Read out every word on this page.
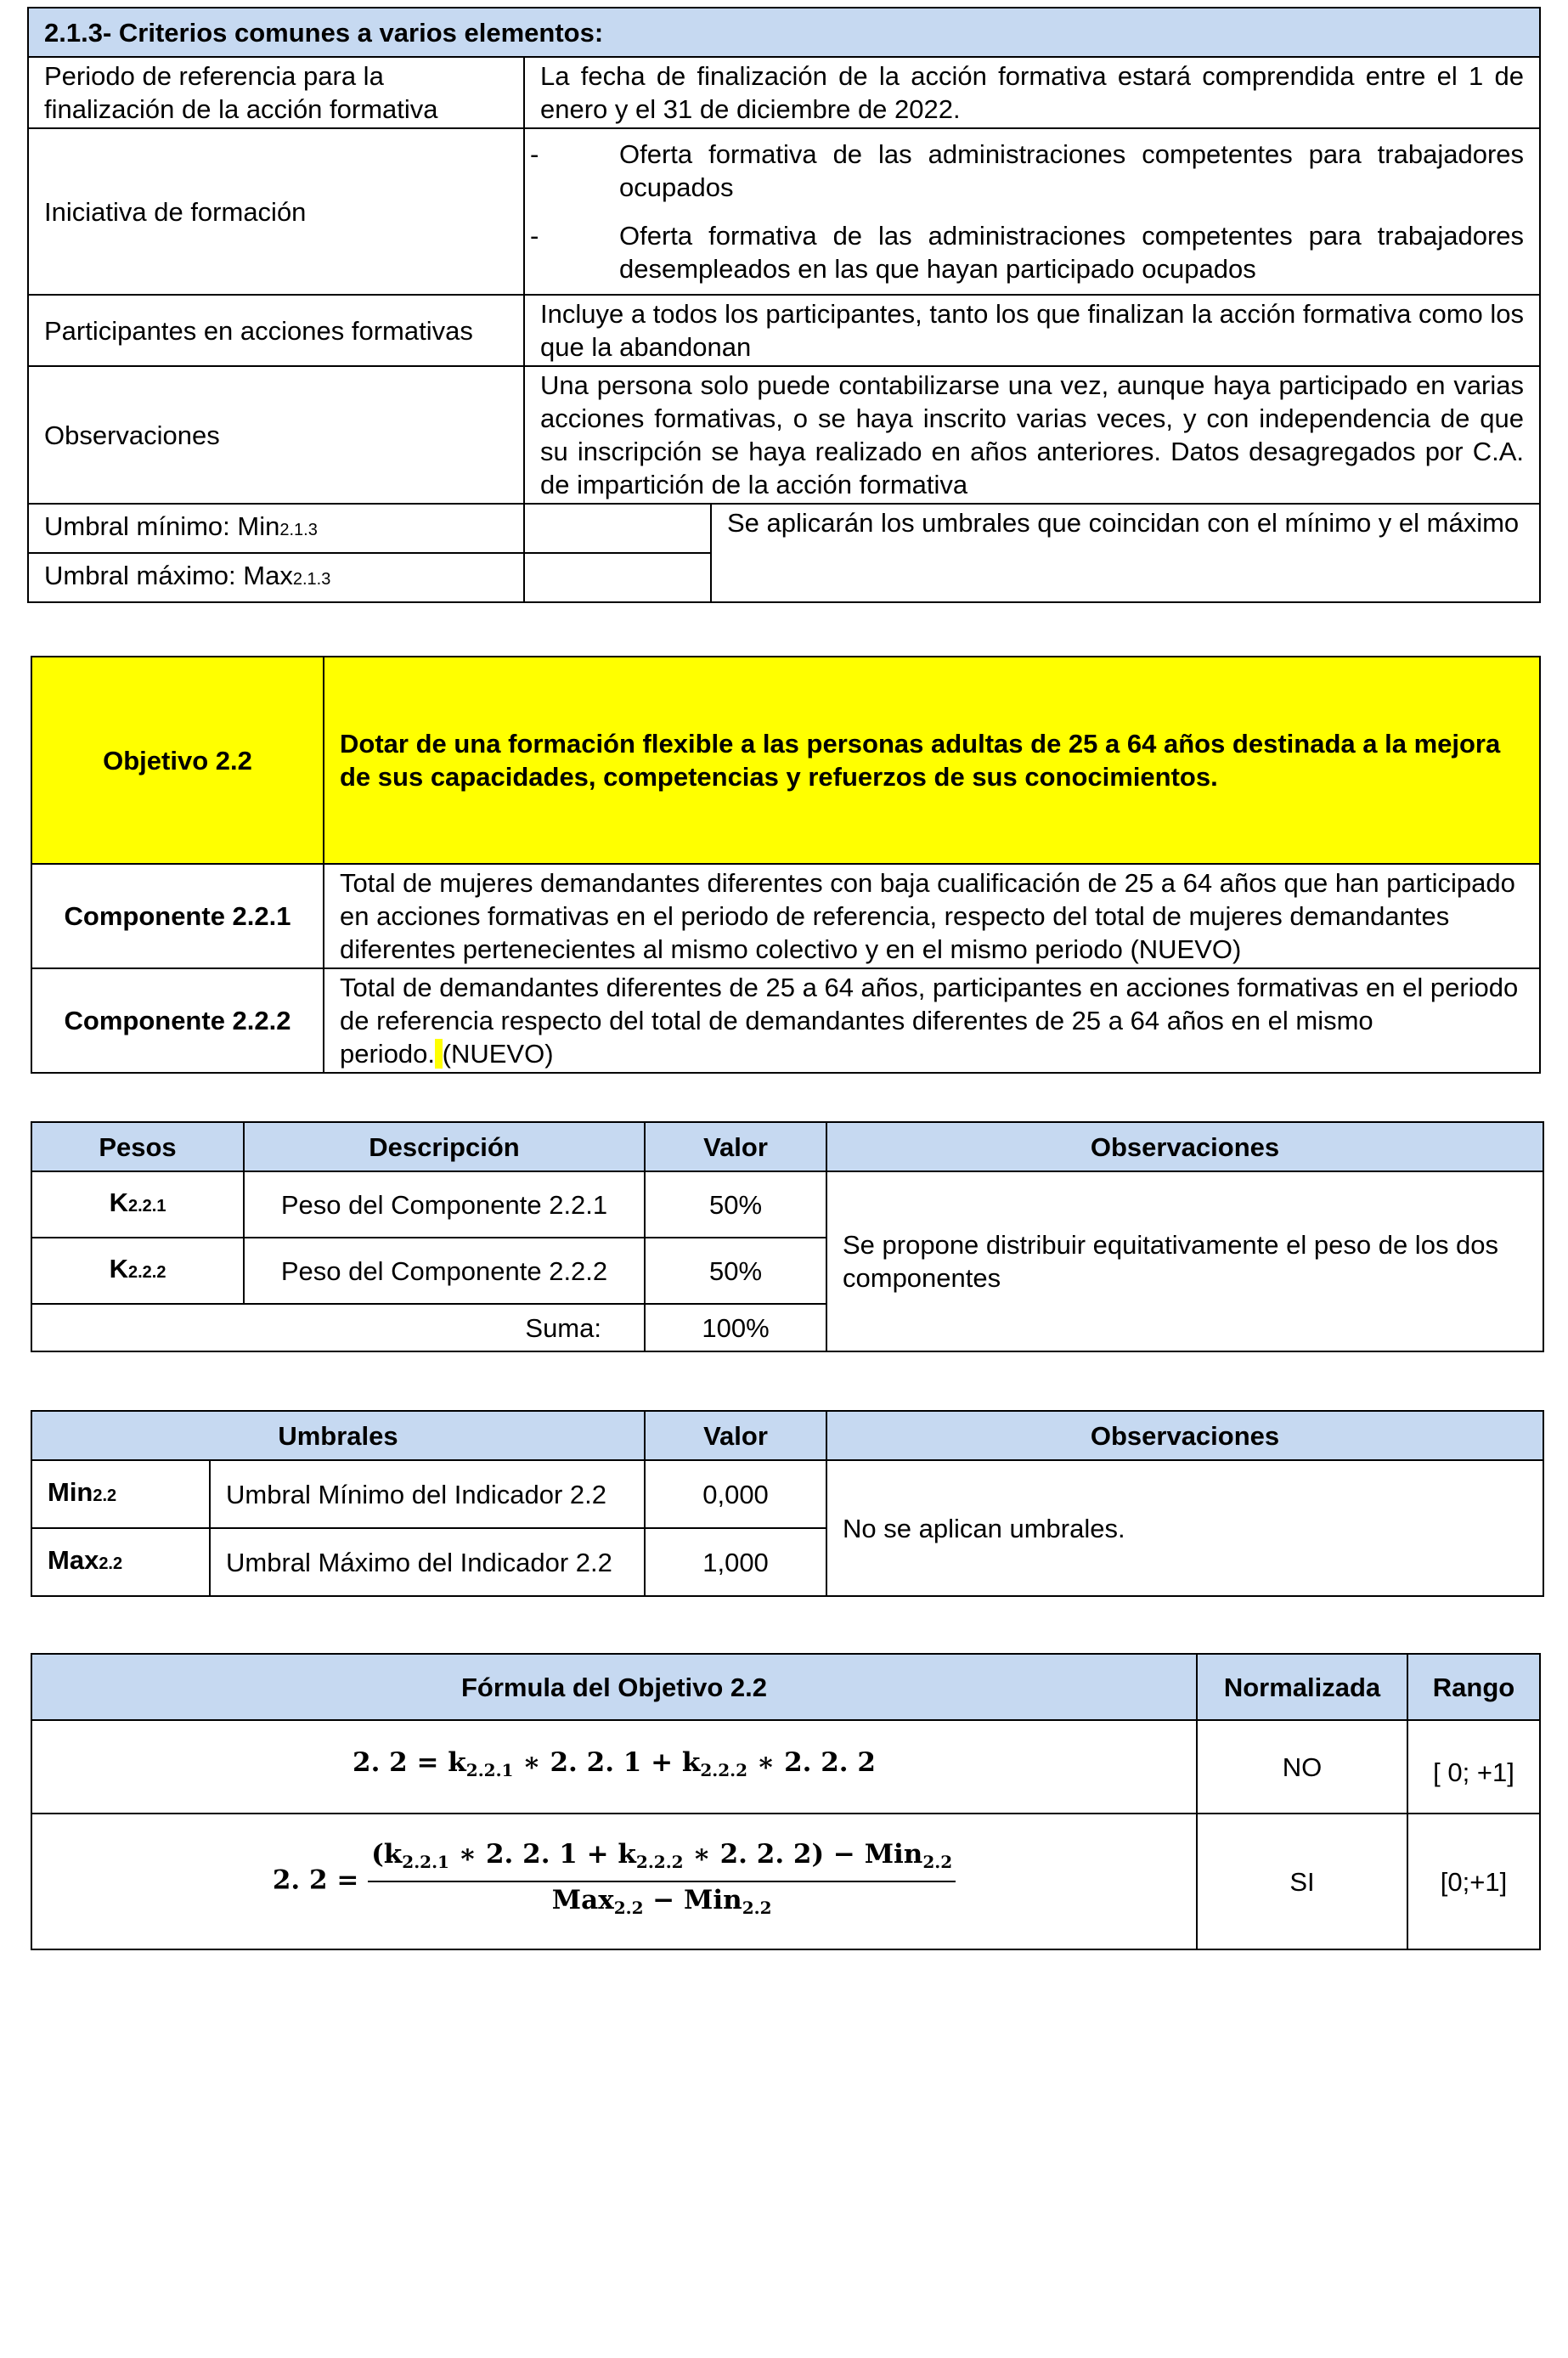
2.1.3- Criterios comunes a varios elementos:		
Periodo de referencia para la finalización de la acción formativa	La fecha de finalización de la acción formativa estará comprendida entre el 1 de enero y el 31 de diciembre de 2022.	
Iniciativa de formación	- Oferta formativa de las administraciones competentes para trabajadores ocupados
- Oferta formativa de las administraciones competentes para trabajadores desempleados en las que hayan participado ocupados	

Participantes en acciones formativas	Incluye a todos los participantes, tanto los que finalizan la acción formativa como los que la abandonan	
Observaciones	Una persona solo puede contabilizarse una vez, aunque haya participado en varias acciones formativas, o se haya inscrito varias veces, y con independencia de que su inscripción se haya realizado en años anteriores. Datos desagregados por C.A. de impartición de la acción formativa	
Umbral mínimo: Min2.1.3		Se aplicarán los umbrales que coincidan con el mínimo y el máximo
Umbral máximo: Max2.1.3		
Objetivo 2.2	Dotar de una formación flexible a las personas adultas de 25 a 64 años destinada a la mejora de sus capacidades, competencias y refuerzos de sus conocimientos.
Componente 2.2.1	Total de mujeres demandantes diferentes con baja cualificación de 25 a 64 años que han participado en acciones formativas en el periodo de referencia, respecto del total de mujeres demandantes diferentes pertenecientes al mismo colectivo y en el mismo periodo (NUEVO)
Componente 2.2.2	Total de demandantes diferentes de 25 a 64 años, participantes en acciones formativas en el periodo de referencia respecto del total de demandantes diferentes de 25 a 64 años en el mismo periodo. (NUEVO)
Pesos	Descripción	Valor	Observaciones
K2.2.1	Peso del Componente 2.2.1	50%	Se propone distribuir equitativamente el peso de los dos componentes
K2.2.2	Peso del Componente 2.2.2	50%	
Suma:		100%	
Umbrales		Valor	Observaciones
Min2.2	Umbral Mínimo del Indicador 2.2	0,000	No se aplican umbrales.
Max2.2	Umbral Máximo del Indicador 2.2	1,000	
Fórmula del Objetivo 2.2	Normalizada	Rango
2. 2 = k2.2.1 ∗ 2. 2. 1 + k2.2.2 ∗ 2. 2. 2	NO	[ 0; +1]
2. $2 = \frac{\text{(k2.2.1 ∗ 2. 2. 1 + k2.2.2 ∗ 2. 2. 2) − Min2.2}}{\text{Max2.2 − Min2.2}}$	SI	[0;+1]
